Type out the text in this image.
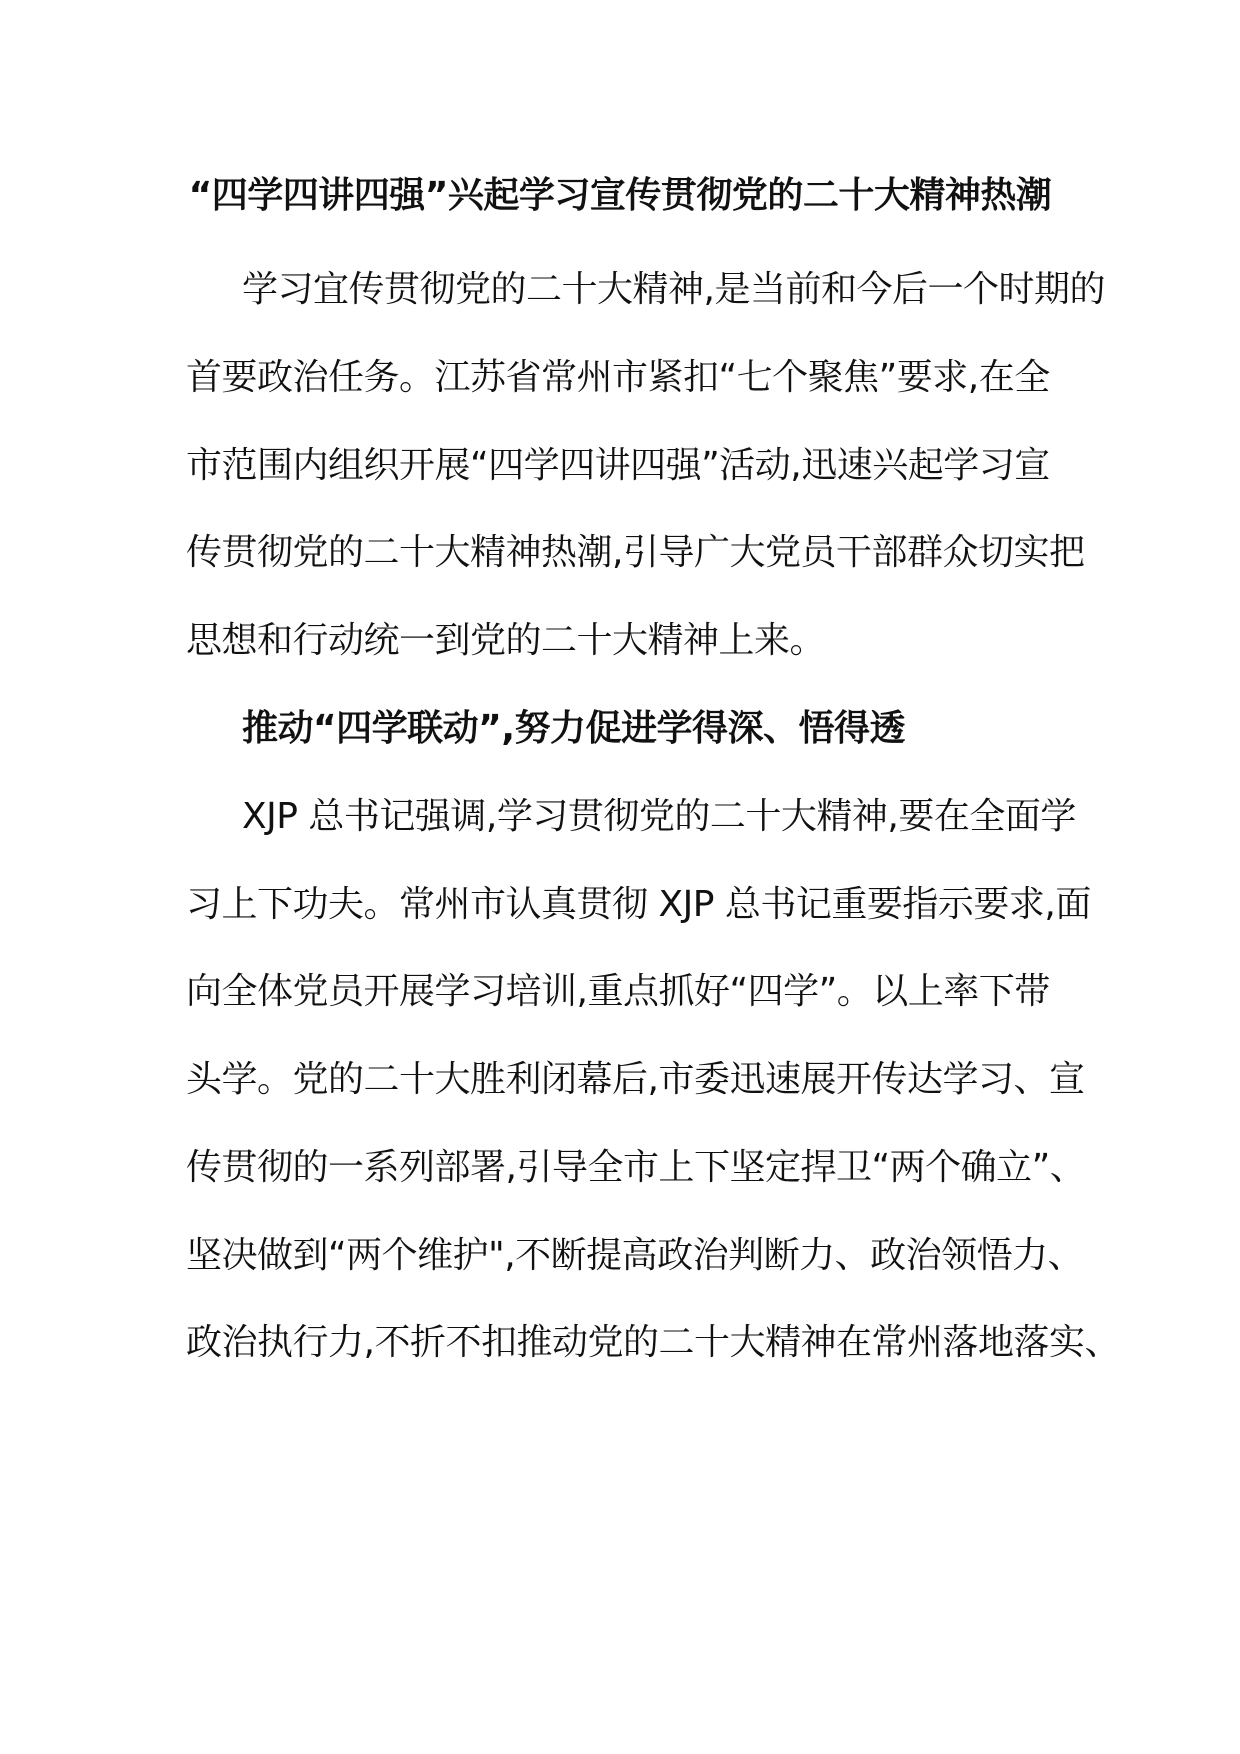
“四学四讲四强”兴起学习宣传贯彻党的二十大精神热潮
学习宜传贯彻党的二十大精神,是当前和今后一个时期的
首要政治任务。江苏省常州市紧扣“七个聚焦”要求,在全
市范围内组织开展“四学四讲四强”活动,迅速兴起学习宣
传贯彻党的二十大精神热潮,引导广大党员干部群众切实把
思想和行动统一到党的二十大精神上来。
推动“四学联动”,努力促进学得深、悟得透
XJP 总书记强调,学习贯彻党的二十大精神,要在全面学
习上下功夫。常州市认真贯彻 XJP 总书记重要指示要求,面
向全体党员开展学习培训,重点抓好“四学”。以上率下带
头学。党的二十大胜利闭幕后,市委迅速展开传达学习、宣
传贯彻的一系列部署,引导全市上下坚定捍卫“两个确立”、
坚决做到“两个维护",不断提高政治判断力、政治领悟力、
政治执行力,不折不扣推动党的二十大精神在常州落地落实、
